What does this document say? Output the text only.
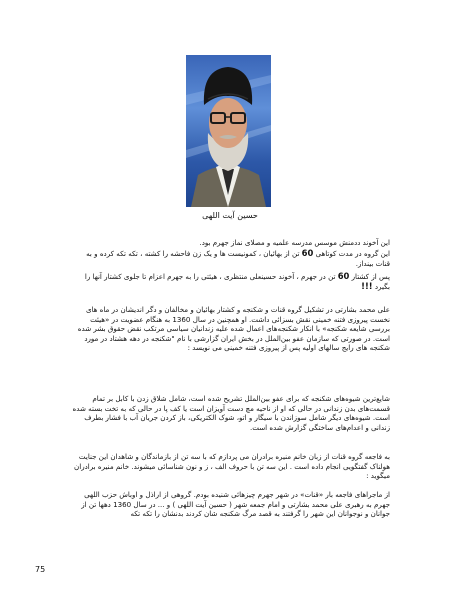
حسین آیت اللهی

این آخوند دد‌منش موسس مدرسه علمیه و مصلای نماز جهرم بود.

این گروه در مدت کوتاهی 60 تن از بهائیان ، کمونیست ها و یک زن فاحشه را کشته ، تکه تکه کرده و به قنات بینداز.

پس از کشتار 60 تن در جهرم ، آخوند حسینعلی منتظری ، هیئتی را به جهرم اعزام تا جلوی کشتار آنها را بگیرد !!!

علی محمد بشارتی در تشکیل گروه قنات و شکنجه و کشتار بهائیان و مخالفان و دگر اندیشان در ماه های نخست پیروزی فتنه خمینی نقش بسزائی داشت. او همچنین در سال 1360 به هنگام عضویت در «هیئت بررسی شایعه شکنجه» با انکار شکنجه‌های اعمال شده علیه زندانیان سیاسی مرتکب نقض حقوق بشر شده است. در صورتی که سازمان عفو بین‌الملل در بخش ایران گزارشی با نام "شکنجه در دهه هشتاد در مورد شکنجه های رایج سالهای اولیه پس از پیروزی فتنه خمینی می نویسد :

شایع‌ترین شیوه‌های شکنجه که برای عفو بین‌الملل تشریح شده است، شامل شلاق زدن با کابل بر تمام قسمت‌های بدن زندانی در حالی که او از ناحیه مچ دست آویزان است یا کف پا در حالی که به تخت بسته شده است. شیوه‌های دیگر شامل سوزاندن با سیگار و اتو، شوک الکتریکی، باز کردن جریان آب با فشار بطرف زندانی و اعدام‌های ساختگی گزارش شده است.

به فاجعه گروه قنات از زبان خانم منیره برادران می پردازم که با سه تن از بازماندگان و شاهدان این جنایت هولناک گفتگویی انجام داده است . این سه تن با حروف الف ، ز و نون شناسائی میشوند. خانم منیره برادران میگوید :

از ماجراهای فاجعه بار «قنات» در شهر جهرم چیزهائی شنیده بودم. گروهی از اراذل و اوباش حزب اللهی جهرم به رهبری علی محمد بشارتی و امام جمعه شهر ( حسین آیت اللهی ) و ... در سال 1360 دهها تن از جوانان و نوجوانان این شهر را گرفتند به قصد مرگ شکنجه شان کردند بدنشان را تکه تکه

75
